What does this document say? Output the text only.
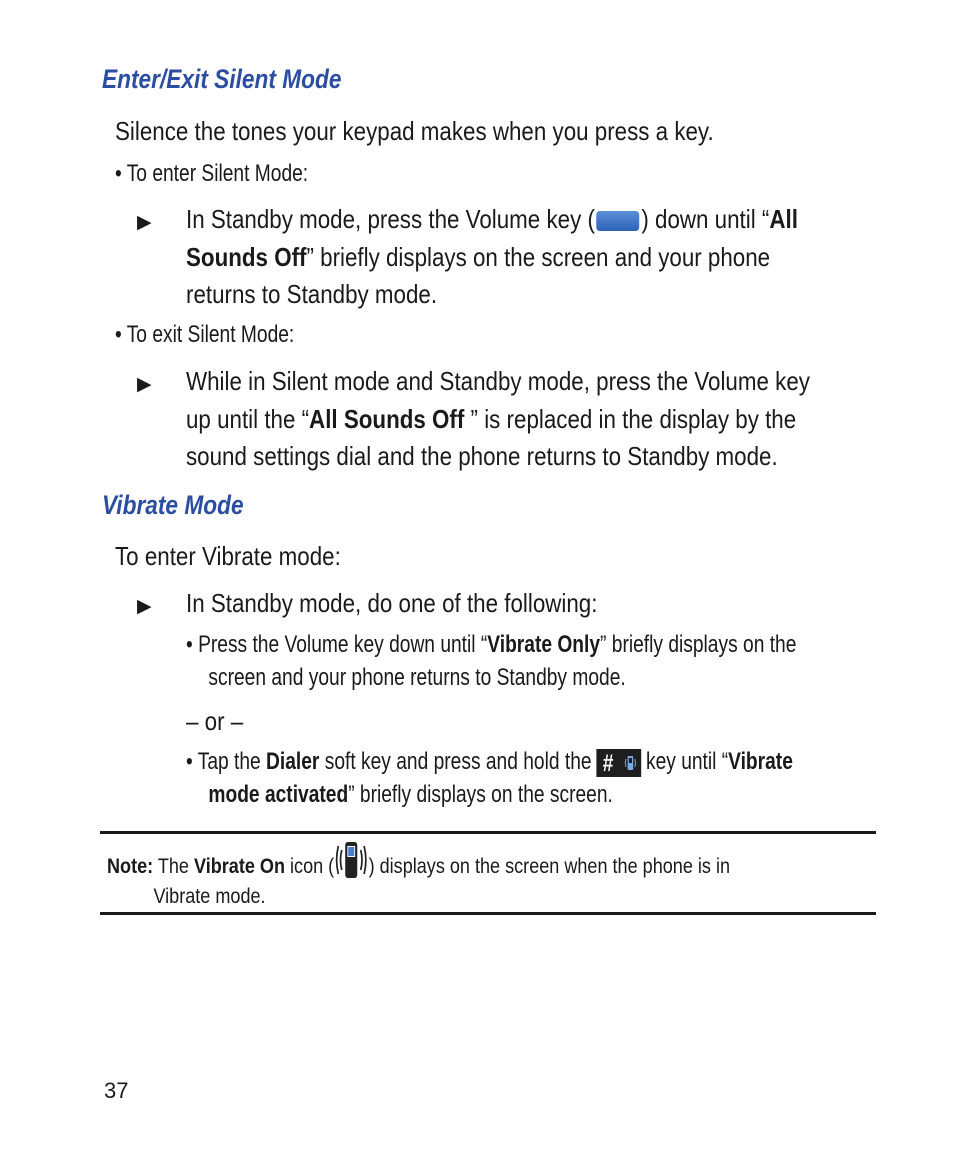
Enter/Exit Silent Mode
Silence the tones your keypad makes when you press a key.
• To enter Silent Mode:
▶ In Standby mode, press the Volume key ( ) down until “All
Sounds Off” briefly displays on the screen and your phone
returns to Standby mode.
• To exit Silent Mode:
▶ While in Silent mode and Standby mode, press the Volume key
up until the “All Sounds Off ” is replaced in the display by the
sound settings dial and the phone returns to Standby mode.
Vibrate Mode
To enter Vibrate mode:
▶ In Standby mode, do one of the following:
• Press the Volume key down until “Vibrate Only” briefly displays on the
screen and your phone returns to Standby mode.
– or –
• Tap the Dialer soft key and press and hold the # key until “Vibrate
mode activated” briefly displays on the screen.
Note: The Vibrate On icon ( ) displays on the screen when the phone is in
Vibrate mode.
37
